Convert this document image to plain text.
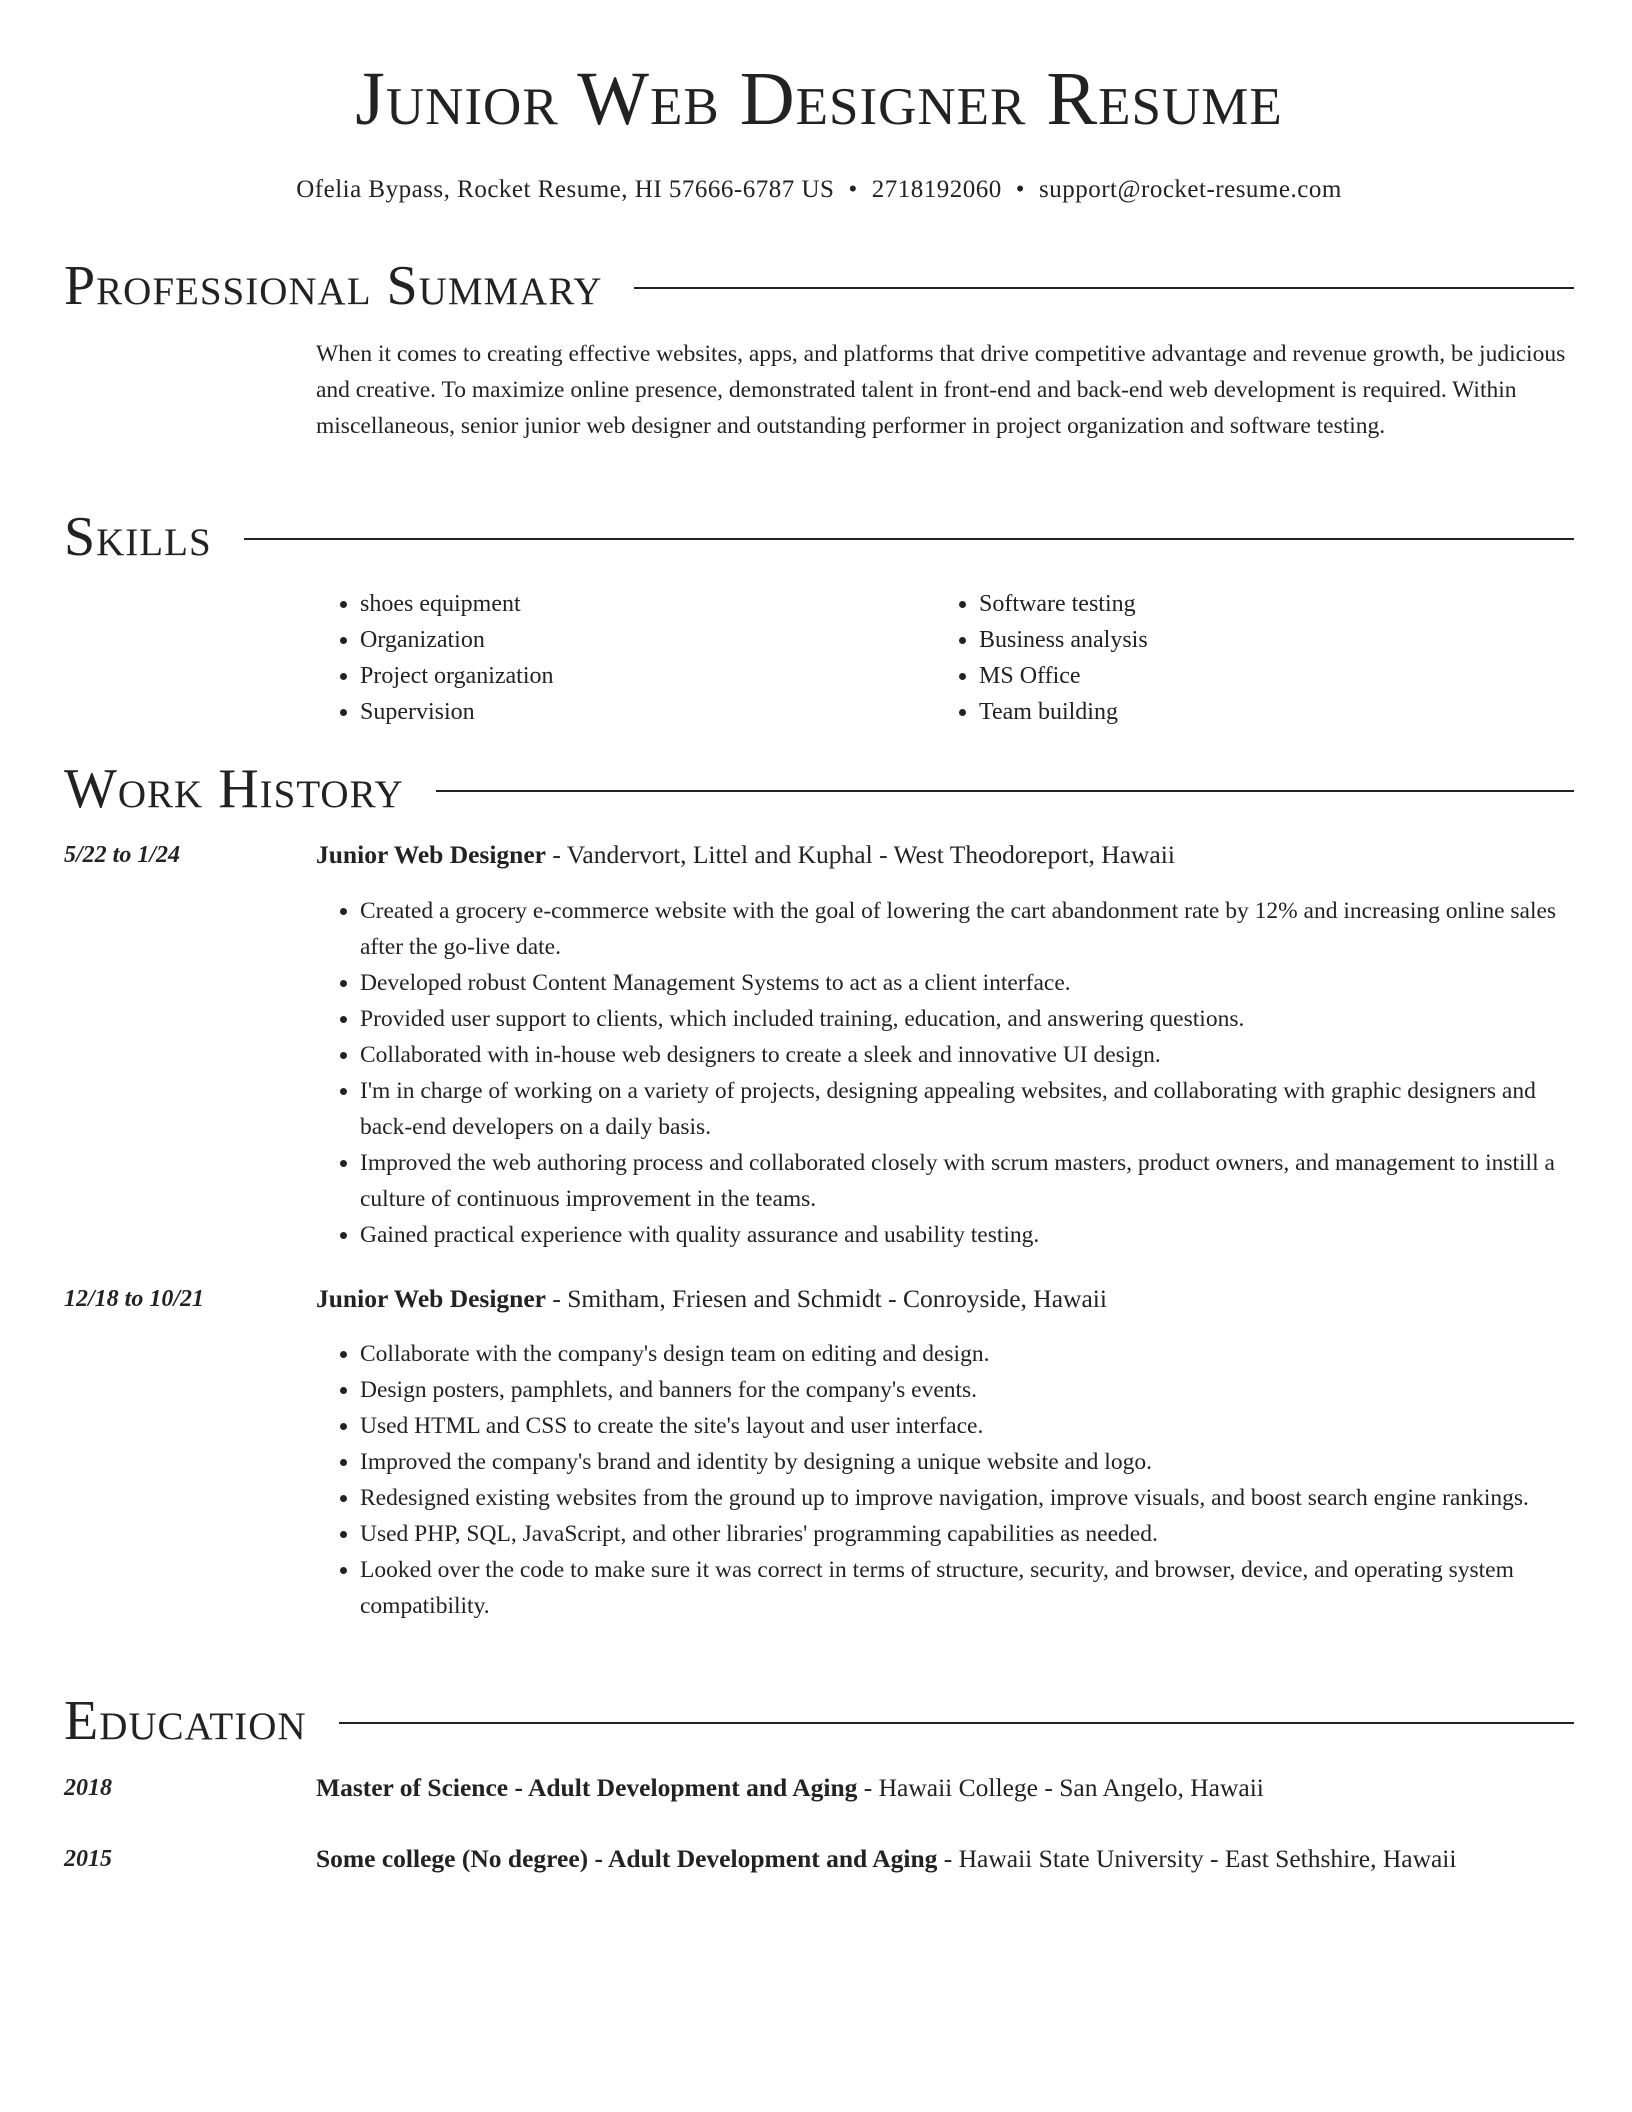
Junior Web Designer Resume
Ofelia Bypass, Rocket Resume, HI 57666-6787 US • 2718192060 • support@rocket-resume.com
Professional Summary
When it comes to creating effective websites, apps, and platforms that drive competitive advantage and revenue growth, be judicious and creative. To maximize online presence, demonstrated talent in front-end and back-end web development is required. Within miscellaneous, senior junior web designer and outstanding performer in project organization and software testing.
Skills
• shoes equipment
• Organization
• Project organization
• Supervision
• Software testing
• Business analysis
• MS Office
• Team building
Work History
5/22 to 1/24	Junior Web Designer - Vandervort, Littel and Kuphal - West Theodoreport, Hawaii
• Created a grocery e-commerce website with the goal of lowering the cart abandonment rate by 12% and increasing online sales after the go-live date.
• Developed robust Content Management Systems to act as a client interface.
• Provided user support to clients, which included training, education, and answering questions.
• Collaborated with in-house web designers to create a sleek and innovative UI design.
• I'm in charge of working on a variety of projects, designing appealing websites, and collaborating with graphic designers and back-end developers on a daily basis.
• Improved the web authoring process and collaborated closely with scrum masters, product owners, and management to instill a culture of continuous improvement in the teams.
• Gained practical experience with quality assurance and usability testing.
12/18 to 10/21	Junior Web Designer - Smitham, Friesen and Schmidt - Conroyside, Hawaii
• Collaborate with the company's design team on editing and design.
• Design posters, pamphlets, and banners for the company's events.
• Used HTML and CSS to create the site's layout and user interface.
• Improved the company's brand and identity by designing a unique website and logo.
• Redesigned existing websites from the ground up to improve navigation, improve visuals, and boost search engine rankings.
• Used PHP, SQL, JavaScript, and other libraries' programming capabilities as needed.
• Looked over the code to make sure it was correct in terms of structure, security, and browser, device, and operating system compatibility.
Education
2018	Master of Science - Adult Development and Aging - Hawaii College - San Angelo, Hawaii
2015	Some college (No degree) - Adult Development and Aging - Hawaii State University - East Sethshire, Hawaii
